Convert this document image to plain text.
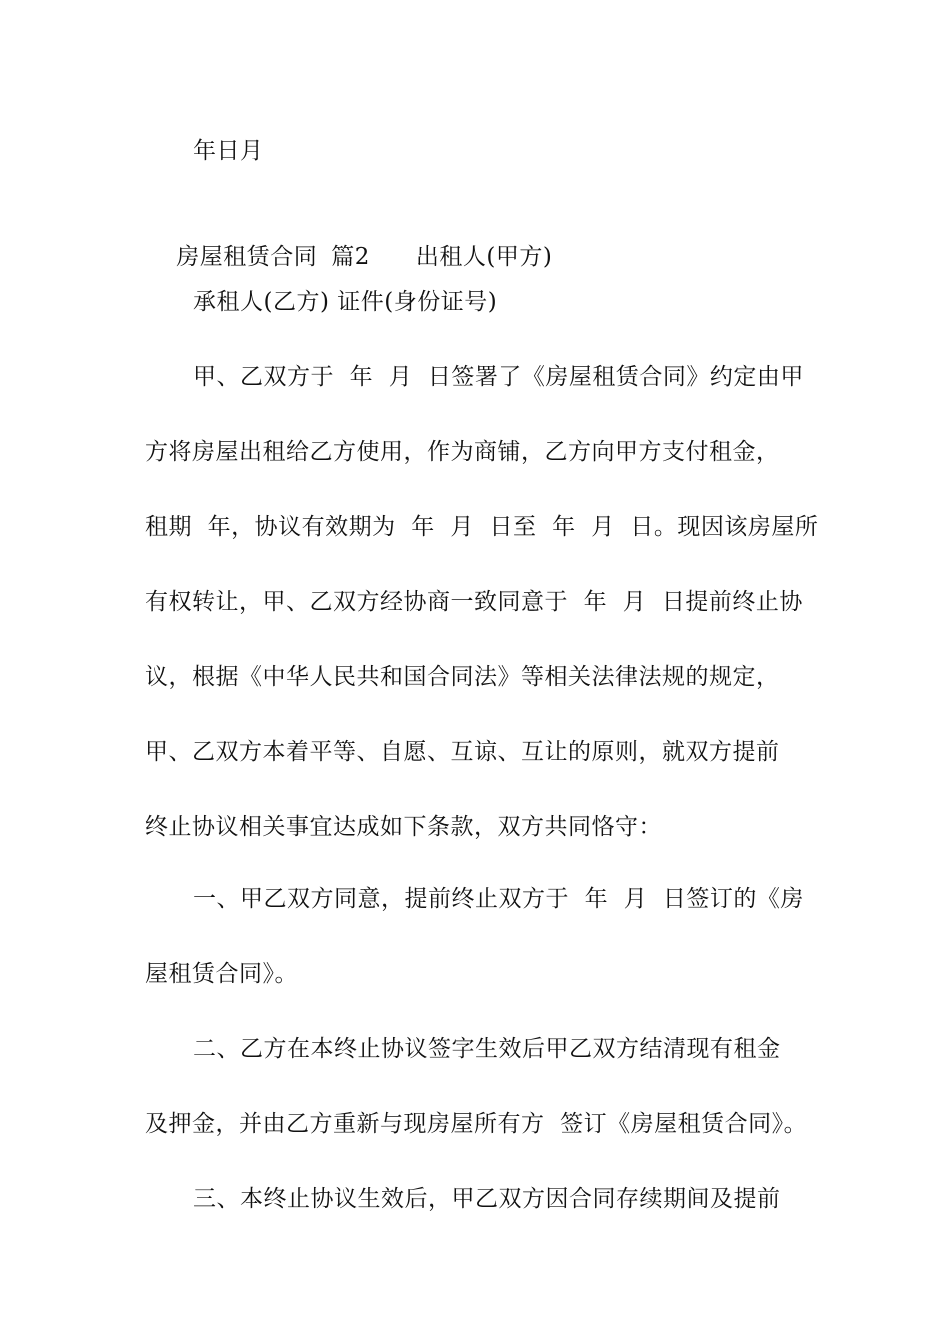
年日月

房屋租赁合同 篇2 出租人(甲方)

承租人(乙方) 证件(身份证号)
甲、乙双方于  年  月  日签署了《房屋租赁合同》约定由甲
方将房屋出租给乙方使用，作为商铺，乙方向甲方支付租金，
租期  年，协议有效期为  年  月  日至  年  月  日。现因该房屋所
有权转让，甲、乙双方经协商一致同意于  年  月  日提前终止协
议，根据《中华人民共和国合同法》等相关法律法规的规定，
甲、乙双方本着平等、自愿、互谅、互让的原则，就双方提前
终止协议相关事宜达成如下条款，双方共同恪守：
一、甲乙双方同意，提前终止双方于  年  月  日签订的《房
屋租赁合同》。
二、乙方在本终止协议签字生效后甲乙双方结清现有租金
及押金，并由乙方重新与现房屋所有方  签订《房屋租赁合同》。
三、本终止协议生效后，甲乙双方因合同存续期间及提前
